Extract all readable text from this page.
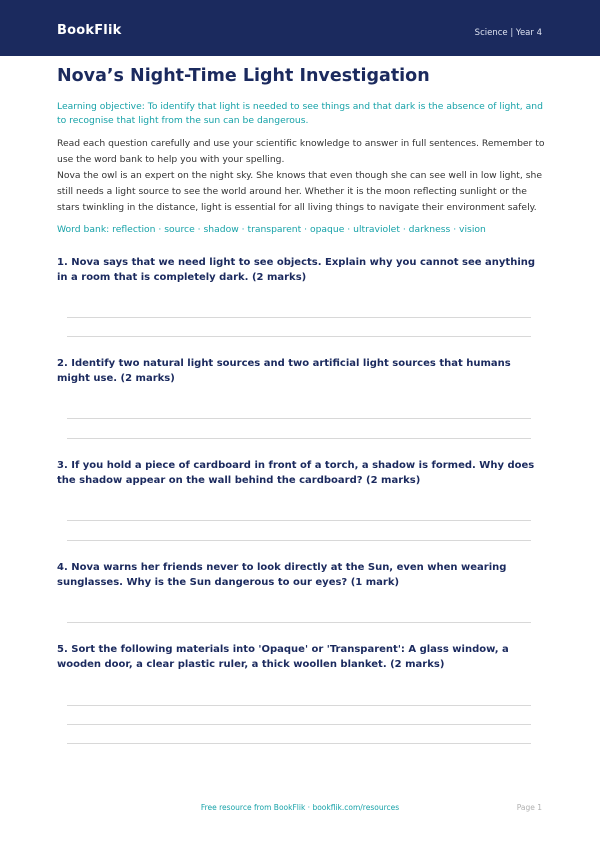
BookFlik	Science | Year 4
Nova’s Night-Time Light Investigation
Learning objective: To identify that light is needed to see things and that dark is the absence of light, and to recognise that light from the sun can be dangerous.
Read each question carefully and use your scientific knowledge to answer in full sentences. Remember to use the word bank to help you with your spelling.
Nova the owl is an expert on the night sky. She knows that even though she can see well in low light, she still needs a light source to see the world around her. Whether it is the moon reflecting sunlight or the stars twinkling in the distance, light is essential for all living things to navigate their environment safely.
Word bank: reflection · source · shadow · transparent · opaque · ultraviolet · darkness · vision
1. Nova says that we need light to see objects. Explain why you cannot see anything in a room that is completely dark. (2 marks)
2. Identify two natural light sources and two artificial light sources that humans might use. (2 marks)
3. If you hold a piece of cardboard in front of a torch, a shadow is formed. Why does the shadow appear on the wall behind the cardboard? (2 marks)
4. Nova warns her friends never to look directly at the Sun, even when wearing sunglasses. Why is the Sun dangerous to our eyes? (1 mark)
5. Sort the following materials into 'Opaque' or 'Transparent': A glass window, a wooden door, a clear plastic ruler, a thick woollen blanket. (2 marks)
Free resource from BookFlik · bookflik.com/resources	Page 1
